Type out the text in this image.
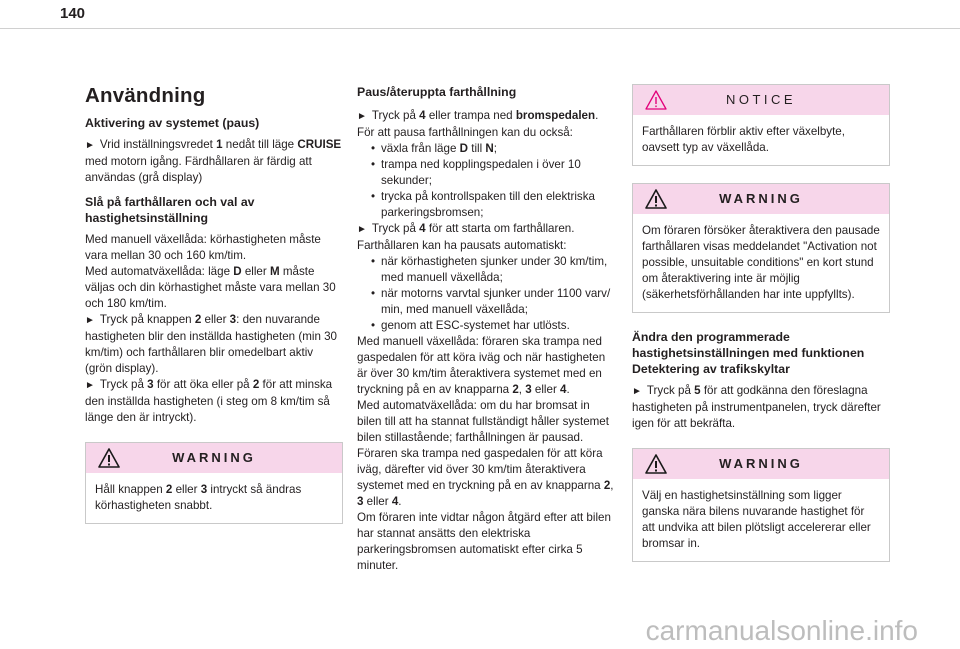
140
Användning
Aktivering av systemet (paus)

► Vrid inställningsvredet 1 nedåt till läge CRUISE med motorn igång. Färdhållaren är färdig att användas (grå display)

Slå på farthållaren och val av hastighetsinställning

Med manuell växellåda: körhastigheten måste vara mellan 30 och 160 km/tim.
Med automatväxellåda: läge D eller M måste väljas och din körhastighet måste vara mellan 30 och 180 km/tim.
► Tryck på knappen 2 eller 3: den nuvarande hastigheten blir den inställda hastigheten (min 30 km/tim) och farthållaren blir omedelbart aktiv (grön display).
► Tryck på 3 för att öka eller på 2 för att minska den inställda hastigheten (i steg om 8 km/tim så länge den är intryckt).

WARNING
Håll knappen 2 eller 3 intryckt så ändras körhastigheten snabbt.
Paus/återuppta farthållning
► Tryck på 4 eller trampa ned bromspedalen.
För att pausa farthållningen kan du också:
• växla från läge D till N;
• trampa ned kopplingspedalen i över 10 sekunder;
• trycka på kontrollspaken till den elektriska parkeringsbromsen;
► Tryck på 4 för att starta om farthållaren.
Farthållaren kan ha pausats automatiskt:
• när körhastigheten sjunker under 30 km/tim, med manuell växellåda;
• när motorns varvtal sjunker under 1100 varv/ min, med manuell växellåda;
• genom att ESC-systemet har utlösts.
Med manuell växellåda: föraren ska trampa ned gaspedalen för att köra iväg och när hastigheten är över 30 km/tim återaktivera systemet med en tryckning på en av knapparna 2, 3 eller 4.
Med automatväxellåda: om du har bromsat in bilen till att ha stannat fullständigt håller systemet bilen stillastående; farthållningen är pausad. Föraren ska trampa ned gaspedalen för att köra iväg, därefter vid över 30 km/tim återaktivera systemet med en tryckning på en av knapparna 2, 3 eller 4.
Om föraren inte vidtar någon åtgärd efter att bilen har stannat ansätts den elektriska parkeringsbromsen automatiskt efter cirka 5 minuter.
NOTICE
Farthållaren förblir aktiv efter växelbyte, oavsett typ av växellåda.
WARNING
Om föraren försöker återaktivera den pausade farthållaren visas meddelandet "Activation not possible, unsuitable conditions" en kort stund om återaktivering inte är möjlig (säkerhetsförhållanden har inte uppfyllts).
Ändra den programmerade hastighetsinställningen med funktionen Detektering av trafikskyltar

► Tryck på 5 för att godkänna den föreslagna hastigheten på instrumentpanelen, tryck därefter igen för att bekräfta.

WARNING
Välj en hastighetsinställning som ligger ganska nära bilens nuvarande hastighet för att undvika att bilen plötsligt accelererar eller bromsar in.
carmanualsonline.info
